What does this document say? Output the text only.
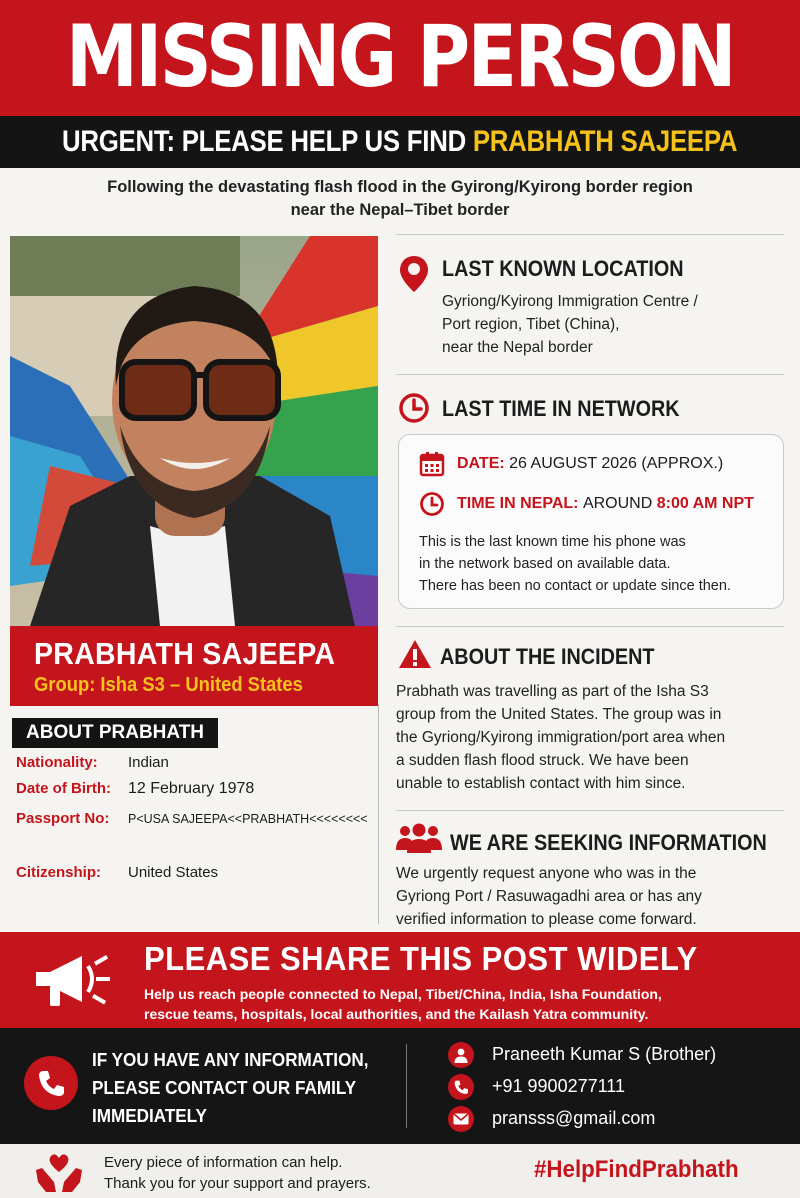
MISSING PERSON
URGENT: PLEASE HELP US FIND PRABHATH SAJEEPA
Following the devastating flash flood in the Gyirong/Kyirong border region
near the Nepal–Tibet border
PRABHATH SAJEEPA
Group: Isha S3 – United States
ABOUT PRABHATH
Nationality: Indian
Date of Birth: 12 February 1978
Passport No: P<USA SAJEEPA<<PRABHATH<<<<<<<<
Citizenship: United States
LAST KNOWN LOCATION
Gyriong/Kyirong Immigration Centre /
Port region, Tibet (China),
near the Nepal border
LAST TIME IN NETWORK
DATE: 26 AUGUST 2026 (APPROX.)
TIME IN NEPAL: AROUND 8:00 AM NPT
This is the last known time his phone was
in the network based on available data.
There has been no contact or update since then.
ABOUT THE INCIDENT
Prabhath was travelling as part of the Isha S3
group from the United States. The group was in
the Gyriong/Kyirong immigration/port area when
a sudden flash flood struck. We have been
unable to establish contact with him since.
WE ARE SEEKING INFORMATION
We urgently request anyone who was in the
Gyriong Port / Rasuwagadhi area or has any
verified information to please come forward.
PLEASE SHARE THIS POST WIDELY
Help us reach people connected to Nepal, Tibet/China, India, Isha Foundation,
rescue teams, hospitals, local authorities, and the Kailash Yatra community.
IF YOU HAVE ANY INFORMATION,
PLEASE CONTACT OUR FAMILY
IMMEDIATELY
Praneeth Kumar S (Brother)
+91 9900277111
pransss@gmail.com
Every piece of information can help.
Thank you for your support and prayers.
#HelpFindPrabhath
